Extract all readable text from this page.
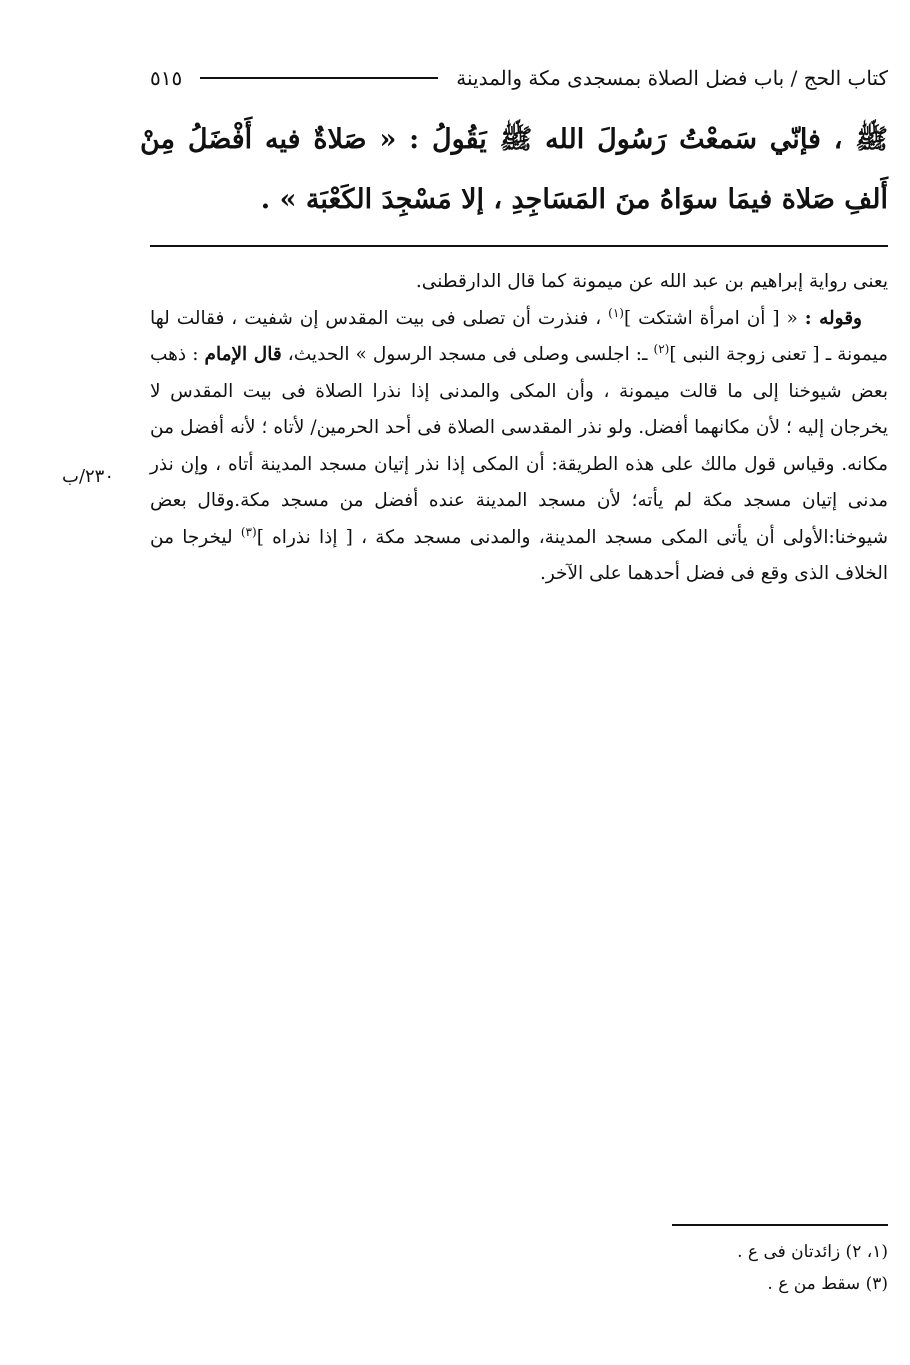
كتاب الحج / باب فضل الصلاة بمسجدى مكة والمدينة
٥١٥
ﷺ ، فإنّي سَمعْتُ رَسُولَ الله ﷺ يَقُولُ : « صَلاةٌ فيه أَفْضَلُ مِنْ أَلفِ صَلاة فيمَا سوَاهُ منَ المَسَاجِدِ ، إلا مَسْجِدَ الكَعْبَة » .

يعنى رواية إبراهيم بن عبد الله عن ميمونة كما قال الدارقطنى.

وقوله : « [ أن امرأة اشتكت ]$^{(١)}$ ، فنذرت أن تصلى فى بيت المقدس إن شفيت ، فقالت لها ميمونة ـ [ تعنى زوجة النبى ]$^{(٢)}$ ـ: اجلسى وصلى فى مسجد الرسول » الحديث، قال الإمام : ذهب بعض شيوخنا إلى ما قالت ميمونة ، وأن المكى والمدنى إذا نذرا الصلاة فى بيت المقدس لا يخرجان إليه ؛ لأن مكانهما أفضل. ولو نذر المقدسى الصلاة فى أحد الحرمين/ لأتاه ؛ لأنه أفضل من مكانه. وقياس قول مالك على هذه الطريقة: أن المكى إذا نذر إتيان مسجد المدينة أتاه ، وإن نذر مدنى إتيان مسجد مكة لم يأته؛ لأن مسجد المدينة عنده أفضل من مسجد مكة.وقال بعض شيوخنا:الأولى أن يأتى المكى مسجد المدينة، والمدنى مسجد مكة ، [ إذا نذراه ]$^{(٣)}$ ليخرجا من الخلاف الذى وقع فى فضل أحدهما على الآخر.

٢٣٠/ب
(١، ٢) زائدتان فى ع .
(٣) سقط من ع .
